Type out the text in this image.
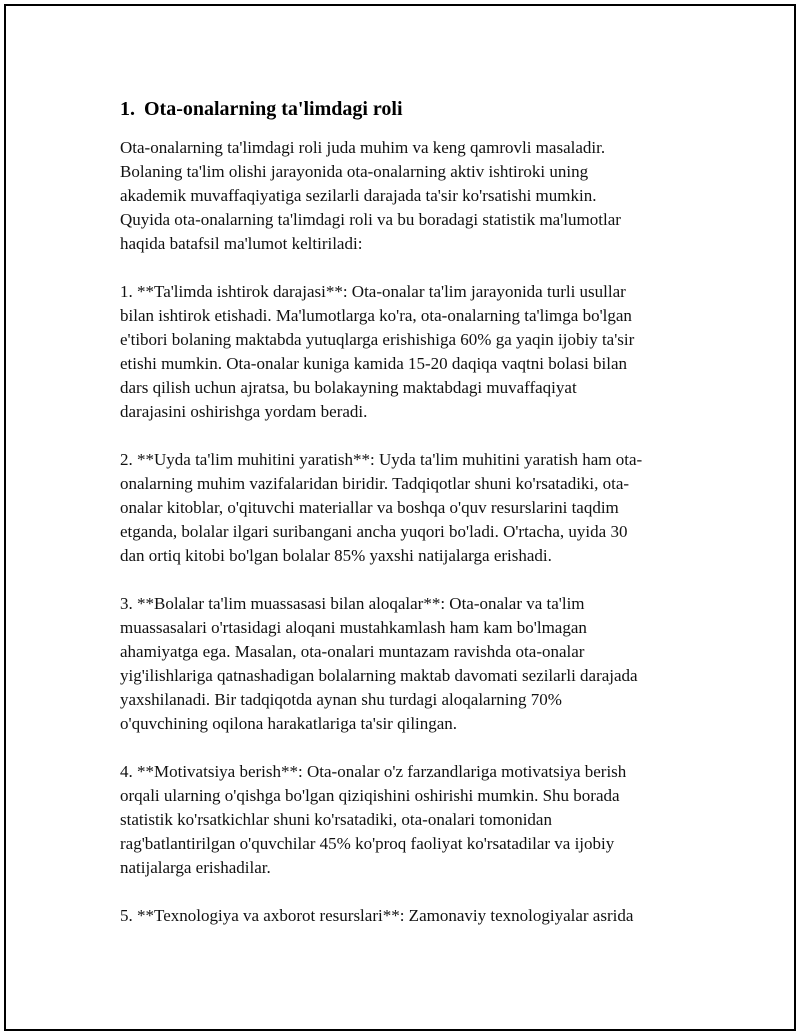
1. Ota-onalarning ta'limdagi roli

Ota-onalarning ta'limdagi roli juda muhim va keng qamrovli masaladir.
Bolaning ta'lim olishi jarayonida ota-onalarning aktiv ishtiroki uning
akademik muvaffaqiyatiga sezilarli darajada ta'sir ko'rsatishi mumkin.
Quyida ota-onalarning ta'limdagi roli va bu boradagi statistik ma'lumotlar
haqida batafsil ma'lumot keltiriladi:

1. **Ta'limda ishtirok darajasi**: Ota-onalar ta'lim jarayonida turli usullar
bilan ishtirok etishadi. Ma'lumotlarga ko'ra, ota-onalarning ta'limga bo'lgan
e'tibori bolaning maktabda yutuqlarga erishishiga 60% ga yaqin ijobiy ta'sir
etishi mumkin. Ota-onalar kuniga kamida 15-20 daqiqa vaqtni bolasi bilan
dars qilish uchun ajratsa, bu bolakayning maktabdagi muvaffaqiyat
darajasini oshirishga yordam beradi.

2. **Uyda ta'lim muhitini yaratish**: Uyda ta'lim muhitini yaratish ham ota-
onalarning muhim vazifalaridan biridir. Tadqiqotlar shuni ko'rsatadiki, ota-
onalar kitoblar, o'qituvchi materiallar va boshqa o'quv resurslarini taqdim
etganda, bolalar ilgari suribangani ancha yuqori bo'ladi. O'rtacha, uyida 30
dan ortiq kitobi bo'lgan bolalar 85% yaxshi natijalarga erishadi.

3. **Bolalar ta'lim muassasasi bilan aloqalar**: Ota-onalar va ta'lim
muassasalari o'rtasidagi aloqani mustahkamlash ham kam bo'lmagan
ahamiyatga ega. Masalan, ota-onalari muntazam ravishda ota-onalar
yig'ilishlariga qatnashadigan bolalarning maktab davomati sezilarli darajada
yaxshilanadi. Bir tadqiqotda aynan shu turdagi aloqalarning 70%
o'quvchining oqilona harakatlariga ta'sir qilingan.

4. **Motivatsiya berish**: Ota-onalar o'z farzandlariga motivatsiya berish
orqali ularning o'qishga bo'lgan qiziqishini oshirishi mumkin. Shu borada
statistik ko'rsatkichlar shuni ko'rsatadiki, ota-onalari tomonidan
rag'batlantirilgan o'quvchilar 45% ko'proq faoliyat ko'rsatadilar va ijobiy
natijalarga erishadilar.

5. **Texnologiya va axborot resurslari**: Zamonaviy texnologiyalar asrida
